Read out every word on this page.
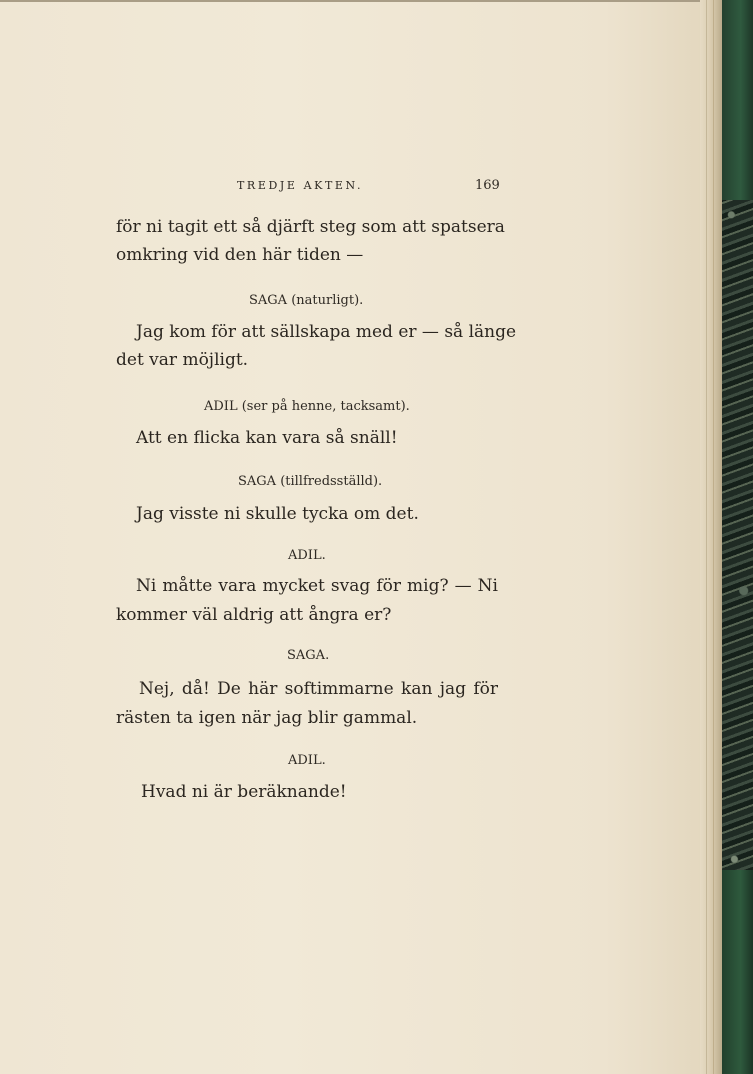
TREDJE AKTEN.	169
för ni tagit ett så djärft steg som att spatsera
omkring vid den här tiden —
SAGA (naturligt).
Jag kom för att sällskapa med er — så länge
det var möjligt.
ADIL (ser på henne, tacksamt).
Att en flicka kan vara så snäll!
SAGA (tillfredsställd).
Jag visste ni skulle tycka om det.
ADIL.
Ni måtte vara mycket svag för mig? — Ni
kommer väl aldrig att ångra er?
SAGA.
Nej, då! De här softimmarne kan jag för
rästen ta igen när jag blir gammal.
ADIL.
Hvad ni är beräknande!
